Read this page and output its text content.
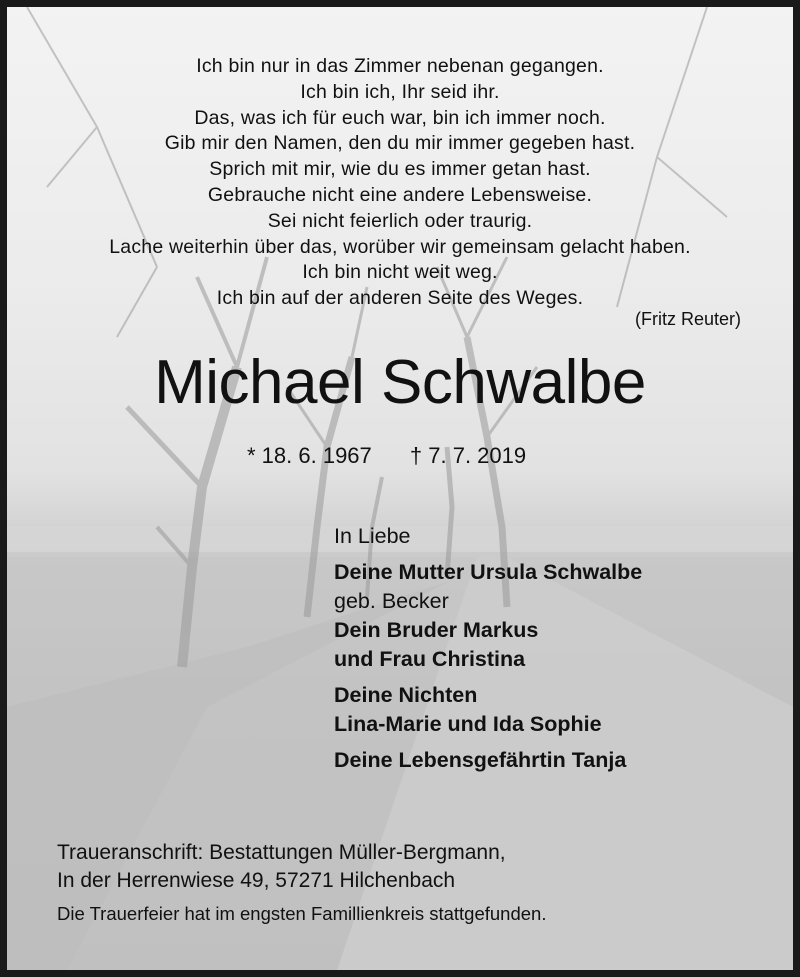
Ich bin nur in das Zimmer nebenan gegangen.
Ich bin ich, Ihr seid ihr.
Das, was ich für euch war, bin ich immer noch.
Gib mir den Namen, den du mir immer gegeben hast.
Sprich mit mir, wie du es immer getan hast.
Gebrauche nicht eine andere Lebensweise.
Sei nicht feierlich oder traurig.
Lache weiterhin über das, worüber wir gemeinsam gelacht haben.
Ich bin nicht weit weg.
Ich bin auf der anderen Seite des Weges.
(Fritz Reuter)
Michael Schwalbe
* 18. 6. 1967 † 7. 7. 2019
In Liebe
Deine Mutter Ursula Schwalbe
geb. Becker
Dein Bruder Markus
und Frau Christina
Deine Nichten
Lina-Marie und Ida Sophie
Deine Lebensgefährtin Tanja
Traueranschrift: Bestattungen Müller-Bergmann,
In der Herrenwiese 49, 57271 Hilchenbach
Die Trauerfeier hat im engsten Famillienkreis stattgefunden.
